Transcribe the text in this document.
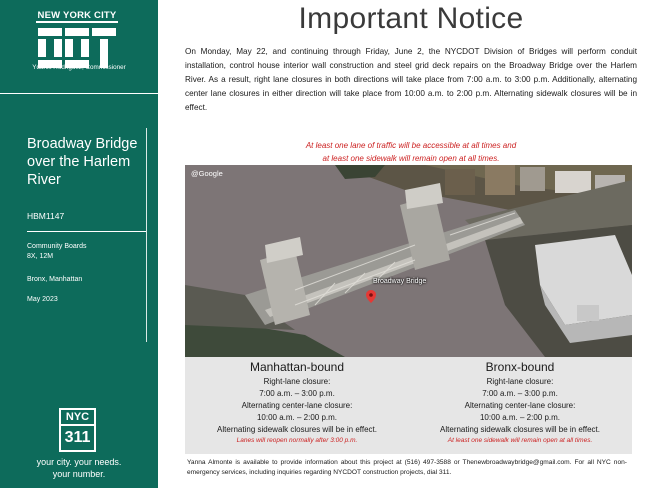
NEW YORK CITY
Ydanis Rodriguez, Commissioner
Broadway Bridge over the Harlem River
HBM1147
Community Boards
8X, 12M
Bronx, Manhattan
May 2023
NYC
311
your city. your needs.
your number.
Important Notice

On Monday, May 22, and continuing through Friday, June 2, the NYCDOT Division of Bridges will perform conduit installation, control house interior wall construction and steel grid deck repairs on the Broadway Bridge over the Harlem River. As a result, right lane closures in both directions will take place from 7:00 a.m. to 3:00 p.m. Additionally, alternating center lane closures in either direction will take place from 10:00 a.m. to 2:00 p.m. Alternating sidewalk closures will be in effect.

At least one lane of traffic will be accessible at all times and
at least one sidewalk will remain open at all times.
@Google
Broadway Bridge
Manhattan-bound
Right-lane closure:
7:00 a.m. – 3:00 p.m.
Alternating center-lane closure:
10:00 a.m. – 2:00 p.m.
Alternating sidewalk closures will be in effect.
Lanes will reopen normally after 3:00 p.m.
Bronx-bound
Right-lane closure:
7:00 a.m. – 3:00 p.m.
Alternating center-lane closure:
10:00 a.m. – 2:00 p.m.
Alternating sidewalk closures will be in effect.
At least one sidewalk will remain open at all times.

Yanna Almonte is available to provide information about this project at (516) 497-3588 or Thenewbroadwaybridge@gmail.com. For all NYC non-emergency services, including inquiries regarding NYCDOT construction projects, dial 311.
